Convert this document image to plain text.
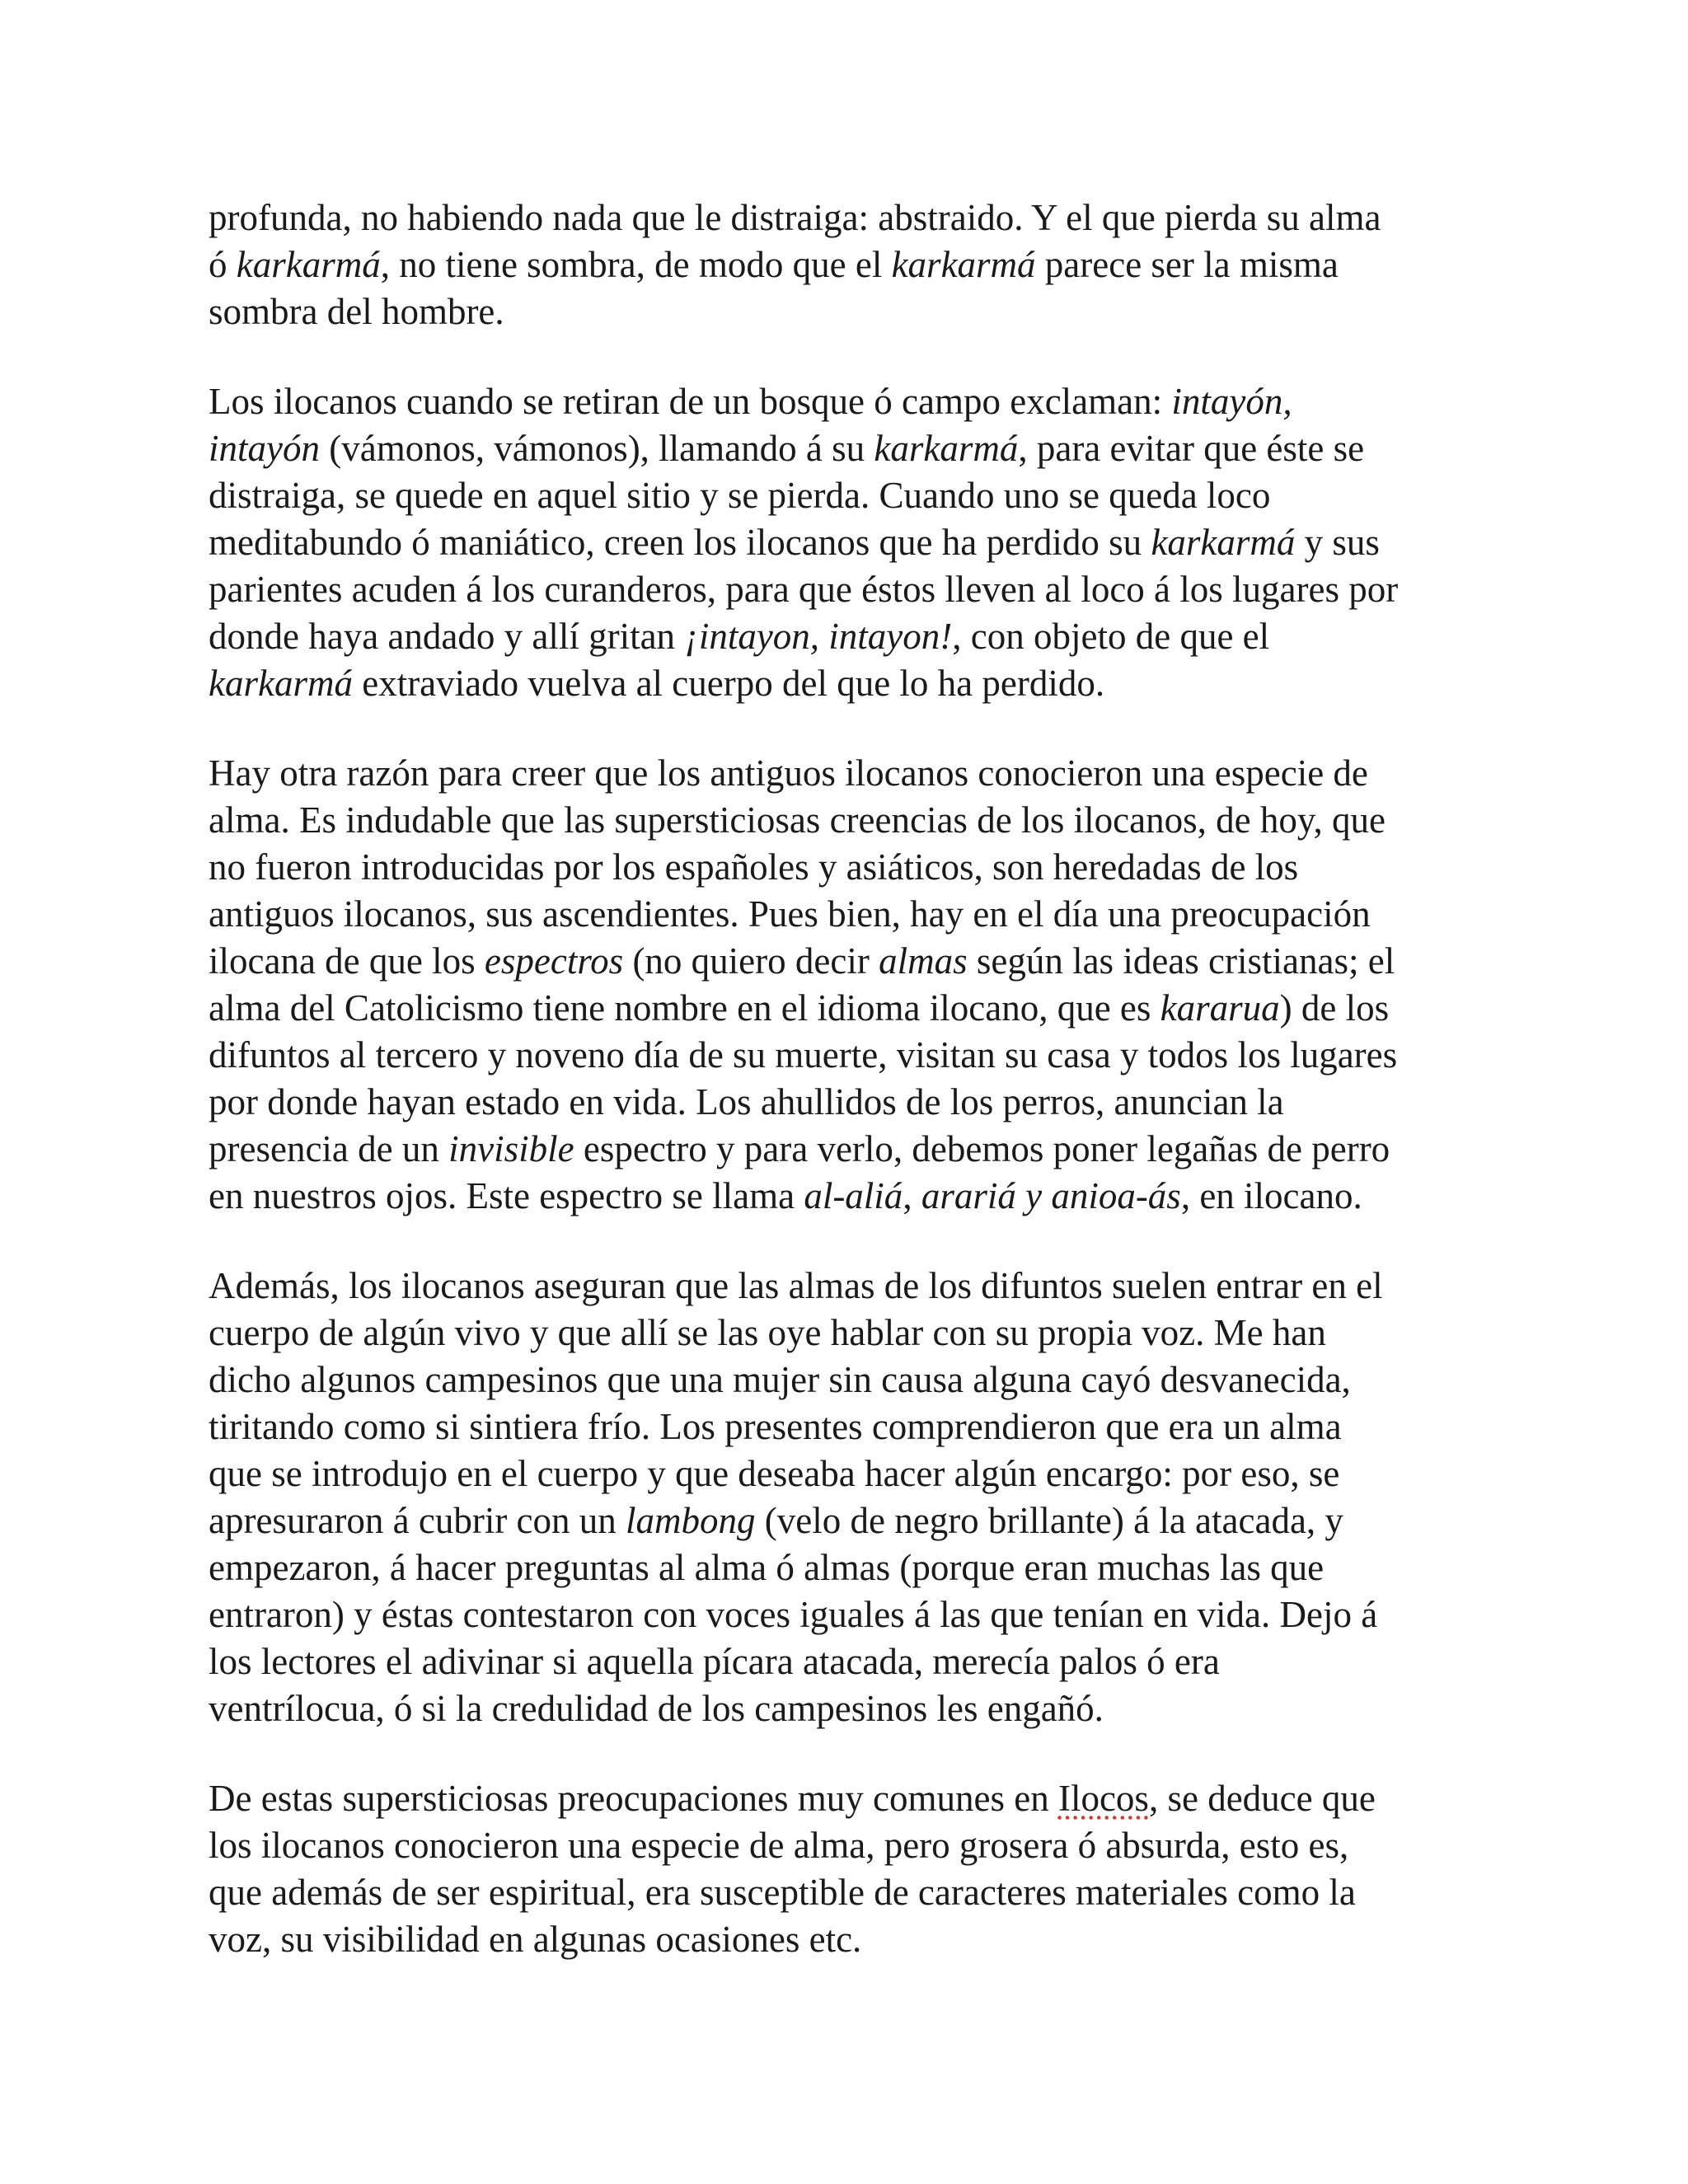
profunda, no habiendo nada que le distraiga: abstraido. Y el que pierda su alma
ó karkarmá, no tiene sombra, de modo que el karkarmá parece ser la misma
sombra del hombre.

Los ilocanos cuando se retiran de un bosque ó campo exclaman: intayón,
intayón (vámonos, vámonos), llamando á su karkarmá, para evitar que éste se
distraiga, se quede en aquel sitio y se pierda. Cuando uno se queda loco
meditabundo ó maniático, creen los ilocanos que ha perdido su karkarmá y sus
parientes acuden á los curanderos, para que éstos lleven al loco á los lugares por
donde haya andado y allí gritan ¡intayon, intayon!, con objeto de que el
karkarmá extraviado vuelva al cuerpo del que lo ha perdido.

Hay otra razón para creer que los antiguos ilocanos conocieron una especie de
alma. Es indudable que las supersticiosas creencias de los ilocanos, de hoy, que
no fueron introducidas por los españoles y asiáticos, son heredadas de los
antiguos ilocanos, sus ascendientes. Pues bien, hay en el día una preocupación
ilocana de que los espectros (no quiero decir almas según las ideas cristianas; el
alma del Catolicismo tiene nombre en el idioma ilocano, que es kararua) de los
difuntos al tercero y noveno día de su muerte, visitan su casa y todos los lugares
por donde hayan estado en vida. Los ahullidos de los perros, anuncian la
presencia de un invisible espectro y para verlo, debemos poner legañas de perro
en nuestros ojos. Este espectro se llama al-aliá, arariá y anioa-ás, en ilocano.

Además, los ilocanos aseguran que las almas de los difuntos suelen entrar en el
cuerpo de algún vivo y que allí se las oye hablar con su propia voz. Me han
dicho algunos campesinos que una mujer sin causa alguna cayó desvanecida,
tiritando como si sintiera frío. Los presentes comprendieron que era un alma
que se introdujo en el cuerpo y que deseaba hacer algún encargo: por eso, se
apresuraron á cubrir con un lambong (velo de negro brillante) á la atacada, y
empezaron, á hacer preguntas al alma ó almas (porque eran muchas las que
entraron) y éstas contestaron con voces iguales á las que tenían en vida. Dejo á
los lectores el adivinar si aquella pícara atacada, merecía palos ó era
ventrílocua, ó si la credulidad de los campesinos les engañó.

De estas supersticiosas preocupaciones muy comunes en Ilocos, se deduce que
los ilocanos conocieron una especie de alma, pero grosera ó absurda, esto es,
que además de ser espiritual, era susceptible de caracteres materiales como la
voz, su visibilidad en algunas ocasiones etc.
